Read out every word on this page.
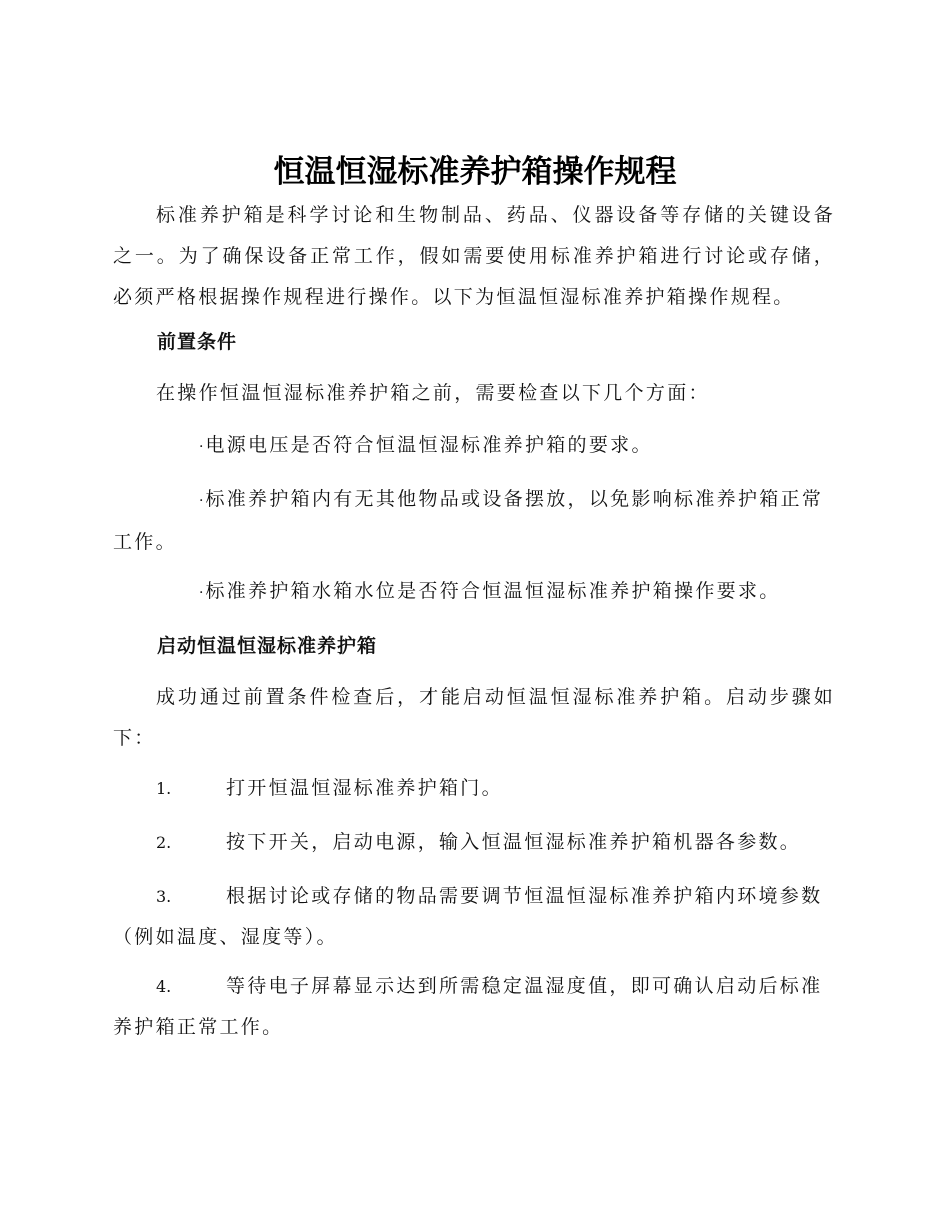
恒温恒湿标准养护箱操作规程

标准养护箱是科学讨论和生物制品、药品、仪器设备等存储的关键设备之一。为了确保设备正常工作，假如需要使用标准养护箱进行讨论或存储，必须严格根据操作规程进行操作。以下为恒温恒湿标准养护箱操作规程。

前置条件

在操作恒温恒湿标准养护箱之前，需要检查以下几个方面：

· 电源电压是否符合恒温恒湿标准养护箱的要求。

· 标准养护箱内有无其他物品或设备摆放，以免影响标准养护箱正常工作。

· 标准养护箱水箱水位是否符合恒温恒湿标准养护箱操作要求。

启动恒温恒湿标准养护箱

成功通过前置条件检查后，才能启动恒温恒湿标准养护箱。启动步骤如下：

1.	打开恒温恒湿标准养护箱门。

2.	按下开关，启动电源，输入恒温恒湿标准养护箱机器各参数。

3.	根据讨论或存储的物品需要调节恒温恒湿标准养护箱内环境参数（例如温度、湿度等）。

4.	等待电子屏幕显示达到所需稳定温湿度值，即可确认启动后标准养护箱正常工作。
